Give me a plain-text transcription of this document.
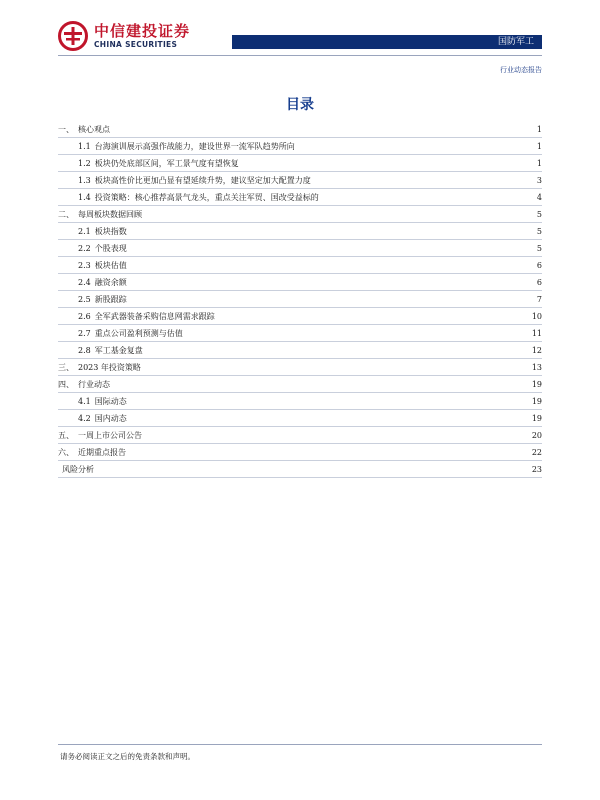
中信建投证券
CHINA SECURITIES	国防军工
行业动态报告
目录
一、 核心观点	1
1.1 台海演训展示高强作战能力，建设世界一流军队趋势所向	1
1.2 板块仍处底部区间，军工景气度有望恢复	1
1.3 板块高性价比更加凸显有望延续升势，建议坚定加大配置力度	3
1.4 投资策略：核心推荐高景气龙头，重点关注军贸、国改受益标的	4
二、 每周板块数据回顾	5
2.1 板块指数	5
2.2 个股表现	5
2.3 板块估值	6
2.4 融资余额	6
2.5 新股跟踪	7
2.6 全军武器装备采购信息网需求跟踪	10
2.7 重点公司盈利预测与估值	11
2.8 军工基金复盘	12
三、 2023 年投资策略	13
四、 行业动态	19
4.1 国际动态	19
4.2 国内动态	19
五、 一周上市公司公告	20
六、 近期重点报告	22
风险分析	23
请务必阅读正文之后的免责条款和声明。
